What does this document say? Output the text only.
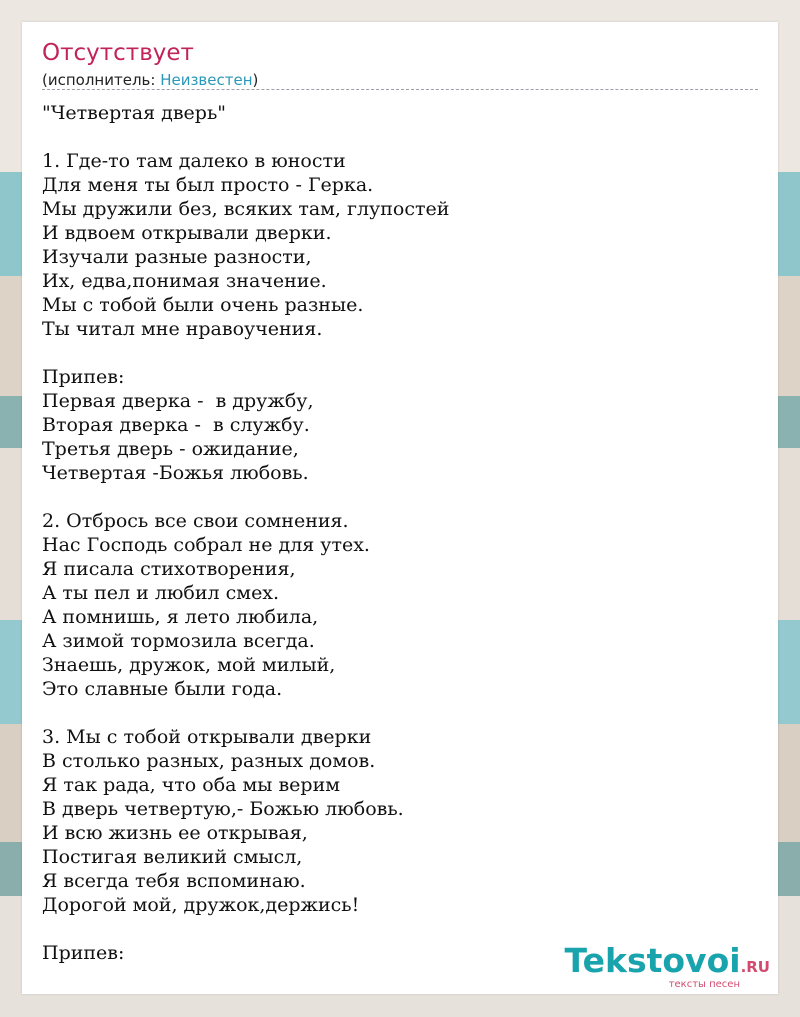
Отсутствует
(исполнитель: Неизвестен)
"Четвертая дверь"
1. Где-то там далеко в юности
Для меня ты был просто - Герка.
Мы дружили без, всяких там, глупостей
И вдвоем открывали дверки.
Изучали разные разности,
Их, едва,понимая значение.
Мы с тобой были очень разные.
Ты читал мне нравоучения.
Припев:
Первая дверка -  в дружбу,
Вторая дверка -  в службу.
Третья дверь - ожидание,
Четвертая -Божья любовь.
2. Отбрось все свои сомнения.
Нас Господь собрал не для утех.
Я писала стихотворения,
А ты пел и любил смех.
А помнишь, я лето любила,
А зимой тормозила всегда.
Знаешь, дружок, мой милый,
Это славные были года.
3. Мы с тобой открывали дверки
В столько разных, разных домов.
Я так рада, что оба мы верим
В дверь четвертую,- Божью любовь.
И всю жизнь ее открывая,
Постигая великий смысл,
Я всегда тебя вспоминаю.
Дорогой мой, дружок,держись!
Припев:	Tekstovoi.RU
тексты песен
